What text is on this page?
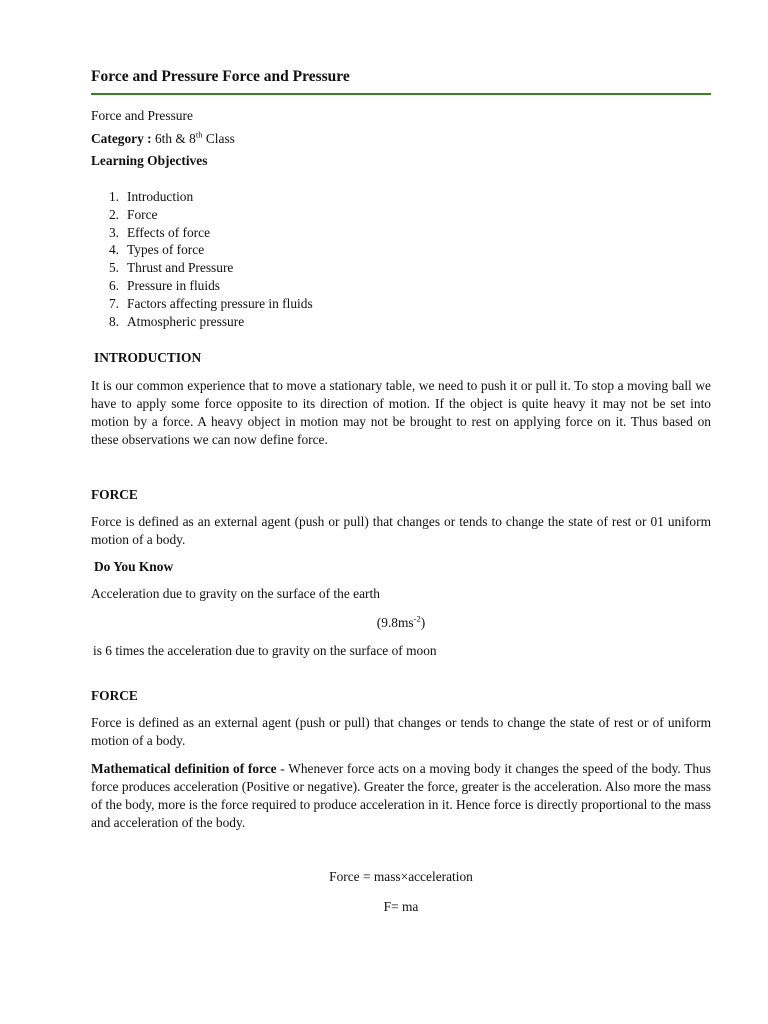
Force and Pressure Force and Pressure
Force and Pressure
Category : 6th & 8th Class
Learning Objectives
1. Introduction
2. Force
3. Effects of force
4. Types of force
5. Thrust and Pressure
6. Pressure in fluids
7. Factors affecting pressure in fluids
8. Atmospheric pressure
INTRODUCTION
It is our common experience that to move a stationary table, we need to push it or pull it. To stop a moving ball we have to apply some force opposite to its direction of motion. If the object is quite heavy it may not be set into motion by a force. A heavy object in motion may not be brought to rest on applying force on it. Thus based on these observations we can now define force.
FORCE
Force is defined as an external agent (push or pull) that changes or tends to change the state of rest or 01 uniform motion of a body.
Do You Know
Acceleration due to gravity on the surface of the earth
$(9.8ms^{-2})$
is 6 times the acceleration due to gravity on the surface of moon
FORCE
Force is defined as an external agent (push or pull) that changes or tends to change the state of rest or of uniform motion of a body.
Mathematical definition of force - Whenever force acts on a moving body it changes the speed of the body. Thus force produces acceleration (Positive or negative). Greater the force, greater is the acceleration. Also more the mass of the body, more is the force required to produce acceleration in it. Hence force is directly proportional to the mass and acceleration of the body.
Force = mass×acceleration
F= ma
